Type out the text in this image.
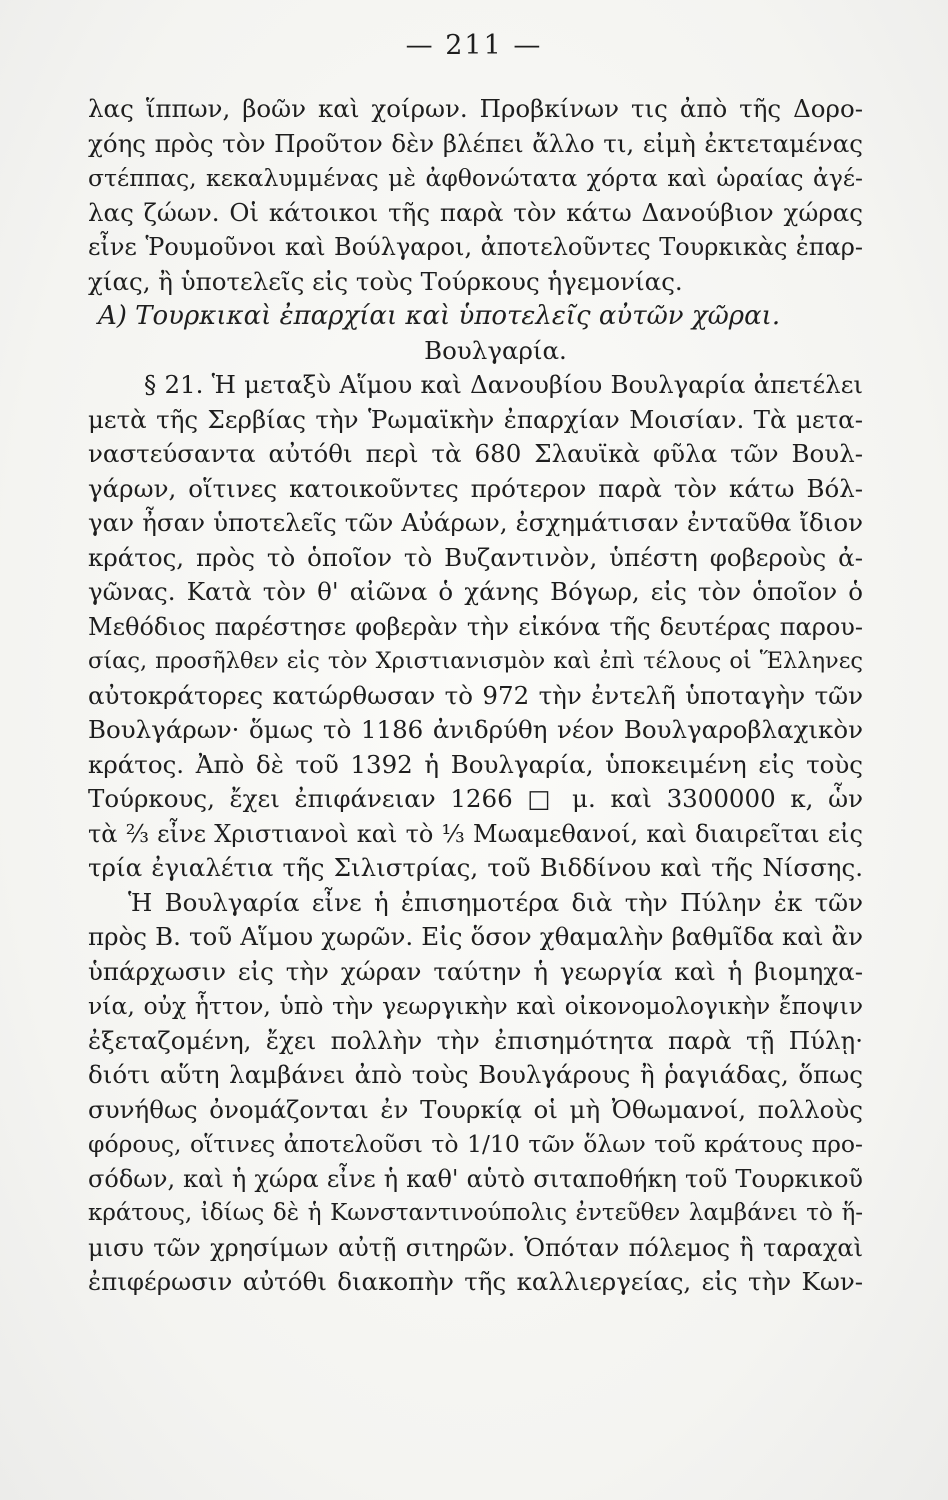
— 211 —
λας ἵππων, βοῶν καὶ χοίρων. Προβκίνων τις ἀπὸ τῆς Δορο-
χόης πρὸς τὸν Προῦτον δὲν βλέπει ἄλλο τι, εἰμὴ ἐκτεταμένας
στέππας, κεκαλυμμένας μὲ ἀφθονώτατα χόρτα καὶ ὡραίας ἀγέ-
λας ζώων. Οἱ κάτοικοι τῆς παρὰ τὸν κάτω Δανούβιον χώρας
εἶνε Ῥουμοῦνοι καὶ Βούλγαροι, ἀποτελοῦντες Τουρκικὰς ἐπαρ-
χίας, ἢ ὑποτελεῖς εἰς τοὺς Τούρκους ἡγεμονίας.
Α) Τουρκικαὶ ἐπαρχίαι καὶ ὑποτελεῖς αὐτῶν χῶραι.
Βουλγαρία.
§ 21. Ἡ μεταξὺ Αἵμου καὶ Δανουβίου Βουλγαρία ἀπετέλει
μετὰ τῆς Σερβίας τὴν Ῥωμαϊκὴν ἐπαρχίαν Μοισίαν. Τὰ μετα-
ναστεύσαντα αὐτόθι περὶ τὰ 680 Σλαυϊκὰ φῦλα τῶν Βουλ-
γάρων, οἵτινες κατοικοῦντες πρότερον παρὰ τὸν κάτω Βόλ-
γαν ἦσαν ὑποτελεῖς τῶν Αὐάρων, ἐσχημάτισαν ἐνταῦθα ἴδιον
κράτος, πρὸς τὸ ὁποῖον τὸ Βυζαντινὸν, ὑπέστη φοβεροὺς ἀ-
γῶνας. Κατὰ τὸν θ' αἰῶνα ὁ χάνης Βόγωρ, εἰς τὸν ὁποῖον ὁ
Μεθόδιος παρέστησε φοβερὰν τὴν εἰκόνα τῆς δευτέρας παρου-
σίας, προσῆλθεν εἰς τὸν Χριστιανισμὸν καὶ ἐπὶ τέλους οἱ Ἕλληνες
αὐτοκράτορες κατώρθωσαν τὸ 972 τὴν ἐντελῆ ὑποταγὴν τῶν
Βουλγάρων· ὅμως τὸ 1186 ἀνιδρύθη νέον Βουλγαροβλαχικὸν
κράτος. Ἀπὸ δὲ τοῦ 1392 ἡ Βουλγαρία, ὑποκειμένη εἰς τοὺς
Τούρκους, ἔχει ἐπιφάνειαν 1266 □ μ. καὶ 3300000 κ, ὧν
τὰ ⅔ εἶνε Χριστιανοὶ καὶ τὸ ⅓ Μωαμεθανοί, καὶ διαιρεῖται εἰς
τρία ἐγιαλέτια τῆς Σιλιστρίας, τοῦ Βιδδίνου καὶ τῆς Νίσσης.
Ἡ Βουλγαρία εἶνε ἡ ἐπισημοτέρα διὰ τὴν Πύλην ἐκ τῶν
πρὸς Β. τοῦ Αἵμου χωρῶν. Εἰς ὅσον χθαμαλὴν βαθμῖδα καὶ ἂν
ὑπάρχωσιν εἰς τὴν χώραν ταύτην ἡ γεωργία καὶ ἡ βιομηχα-
νία, οὐχ ἧττον, ὑπὸ τὴν γεωργικὴν καὶ οἰκονομολογικὴν ἔποψιν
ἐξεταζομένη, ἔχει πολλὴν τὴν ἐπισημότητα παρὰ τῇ Πύλῃ·
διότι αὕτη λαμβάνει ἀπὸ τοὺς Βουλγάρους ἢ ῥαγιάδας, ὅπως
συνήθως ὀνομάζονται ἐν Τουρκίᾳ οἱ μὴ Ὀθωμανοί, πολλοὺς
φόρους, οἵτινες ἀποτελοῦσι τὸ 1/10 τῶν ὅλων τοῦ κράτους προ-
σόδων, καὶ ἡ χώρα εἶνε ἡ καθ' αὑτὸ σιταποθήκη τοῦ Τουρκικοῦ
κράτους, ἰδίως δὲ ἡ Κωνσταντινούπολις ἐντεῦθεν λαμβάνει τὸ ἥ-
μισυ τῶν χρησίμων αὐτῇ σιτηρῶν. Ὁπόταν πόλεμος ἢ ταραχαὶ
ἐπιφέρωσιν αὐτόθι διακοπὴν τῆς καλλιεργείας, εἰς τὴν Κων-
